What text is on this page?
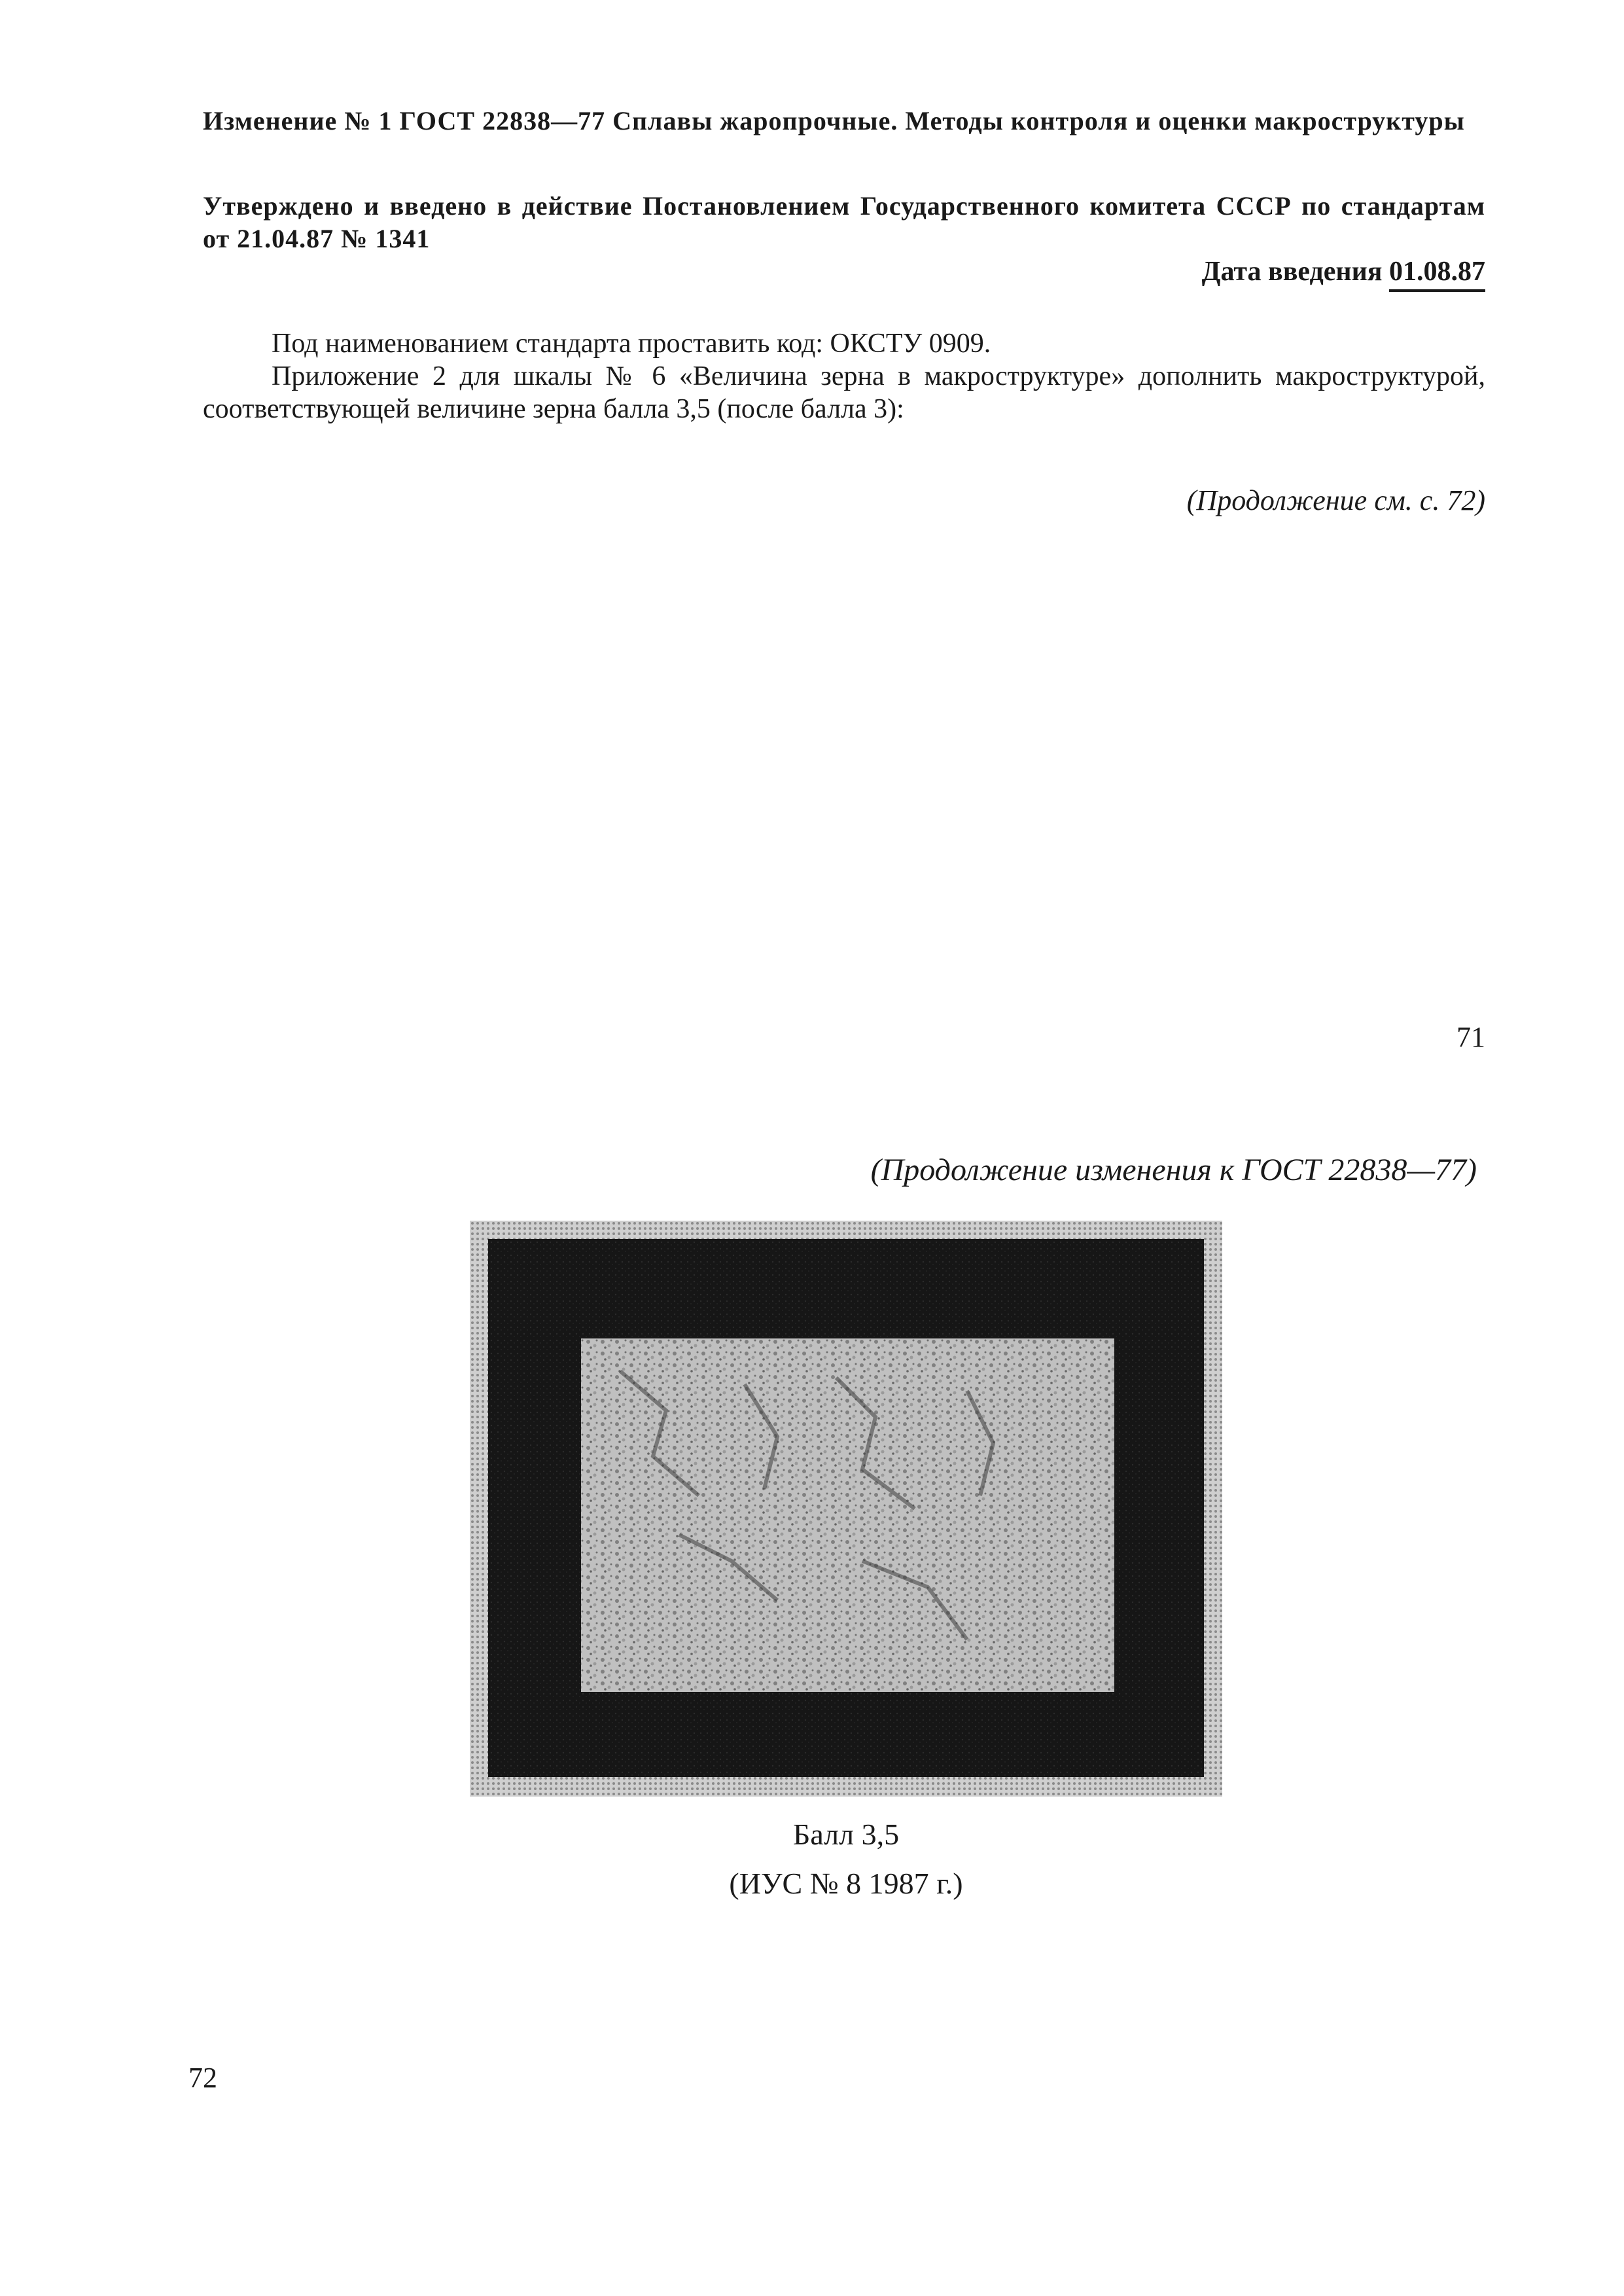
Изменение № 1 ГОСТ 22838—77 Сплавы жаропрочные. Методы контроля и оценки макроструктуры
Утверждено и введено в действие Постановлением Государственного комитета СССР по стандартам от 21.04.87 № 1341
Дата введения 01.08.87

Под наименованием стандарта проставить код: ОКСТУ 0909.

Приложение 2 для шкалы № 6 «Величина зерна в макроструктуре» дополнить макроструктурой, соответствующей величине зерна балла 3,5 (после балла 3):

(Продолжение см. с. 72)
71
(Продолжение изменения к ГОСТ 22838—77)
Балл 3,5
(ИУС № 8 1987 г.)
72
